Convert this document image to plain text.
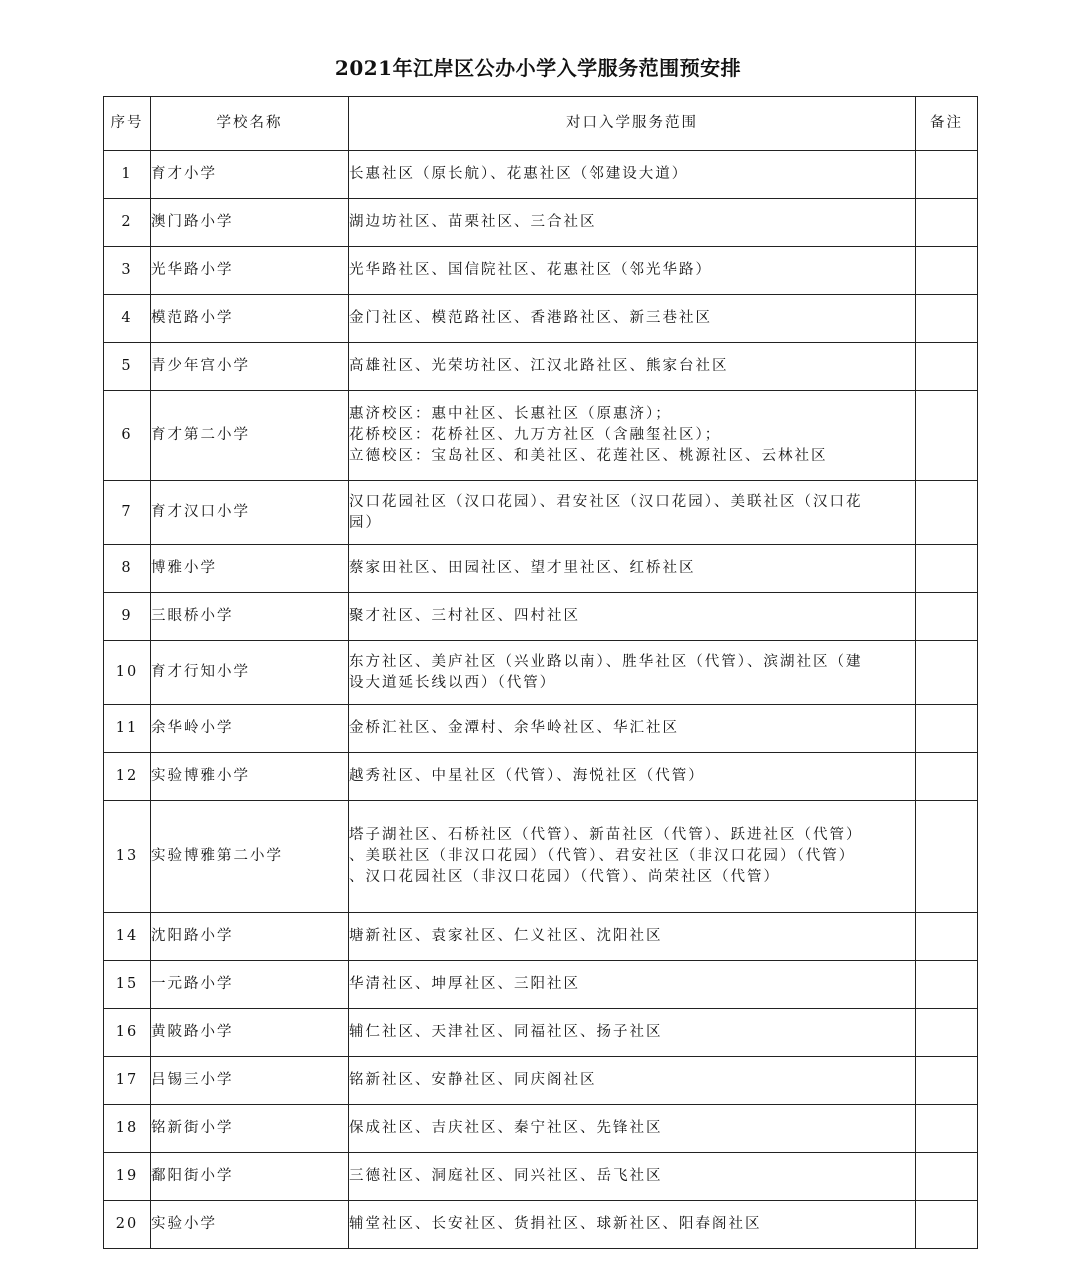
2021年江岸区公办小学入学服务范围预安排
序号	学校名称	对口入学服务范围	备注
1	育才小学	长惠社区（原长航）、花惠社区（邻建设大道）	

2	澳门路小学	湖边坊社区、苗栗社区、三合社区	

3	光华路小学	光华路社区、国信院社区、花惠社区（邻光华路）	

4	模范路小学	金门社区、模范路社区、香港路社区、新三巷社区	

5	青少年宫小学	高雄社区、光荣坊社区、江汉北路社区、熊家台社区	

6	育才第二小学	惠济校区：惠中社区、长惠社区（原惠济）；
花桥校区：花桥社区、九万方社区（含融玺社区）；
立德校区：宝岛社区、和美社区、花莲社区、桃源社区、云林社区	

7	育才汉口小学	汉口花园社区（汉口花园）、君安社区（汉口花园）、美联社区（汉口花
园）	

8	博雅小学	蔡家田社区、田园社区、望才里社区、红桥社区	

9	三眼桥小学	聚才社区、三村社区、四村社区	

10	育才行知小学	东方社区、美庐社区（兴业路以南）、胜华社区（代管）、滨湖社区（建
设大道延长线以西）（代管）	

11	余华岭小学	金桥汇社区、金潭村、余华岭社区、华汇社区	

12	实验博雅小学	越秀社区、中星社区（代管）、海悦社区（代管）	

13	实验博雅第二小学	塔子湖社区、石桥社区（代管）、新苗社区（代管）、跃进社区（代管）
、美联社区（非汉口花园）（代管）、君安社区（非汉口花园）（代管）
、汉口花园社区（非汉口花园）（代管）、尚荣社区（代管）	

14	沈阳路小学	塘新社区、袁家社区、仁义社区、沈阳社区	

15	一元路小学	华清社区、坤厚社区、三阳社区	

16	黄陂路小学	辅仁社区、天津社区、同福社区、扬子社区	

17	吕锡三小学	铭新社区、安静社区、同庆阁社区	

18	铭新街小学	保成社区、吉庆社区、秦宁社区、先锋社区	

19	鄱阳街小学	三德社区、洞庭社区、同兴社区、岳飞社区	

20	实验小学	辅堂社区、长安社区、货捐社区、球新社区、阳春阁社区	
